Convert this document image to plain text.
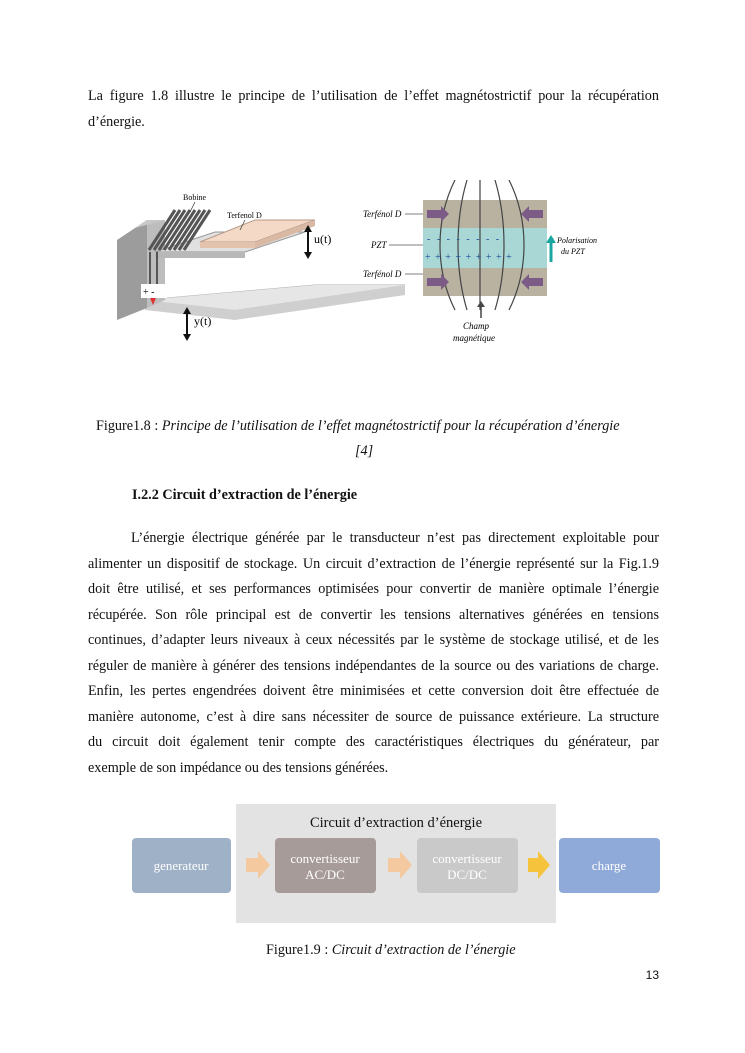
La figure 1.8 illustre le principe de l’utilisation de l’effet magnétostrictif pour la récupération
d’énergie.
+ -
Bobine
Terfenol D
u(t)
y(t)
- - - - - - - -
+ + + + + + + + +
Polarisation
du PZT
Terfénol D
PZT
Terfénol D
Champ
magnétique
Figure1.8 : Principe de l’utilisation de l’effet magnétostrictif pour la récupération d’énergie
[4]
I.2.2 Circuit d’extraction de l’énergie
L’énergie électrique générée par le transducteur n’est pas directement exploitable pour
alimenter un dispositif de stockage. Un circuit d’extraction de l’énergie représenté sur la Fig.1.9
doit être utilisé, et ses performances optimisées pour convertir de manière optimale l’énergie
récupérée. Son rôle principal est de convertir les tensions alternatives générées en tensions
continues, d’adapter leurs niveaux à ceux nécessités par le système de stockage utilisé, et de les
réguler de manière à générer des tensions indépendantes de la source ou des variations de charge.
Enfin, les pertes engendrées doivent être minimisées et cette conversion doit être effectuée de
manière autonome, c’est à dire sans nécessiter de source de puissance extérieure. La structure
du circuit doit également tenir compte des caractéristiques électriques du générateur, par
exemple de son impédance ou des tensions générées.
Circuit d’extraction d’énergie
generateur	convertisseur
AC/DC
convertisseur
DC/DC
charge
Figure1.9 : Circuit d’extraction de l’énergie
13
